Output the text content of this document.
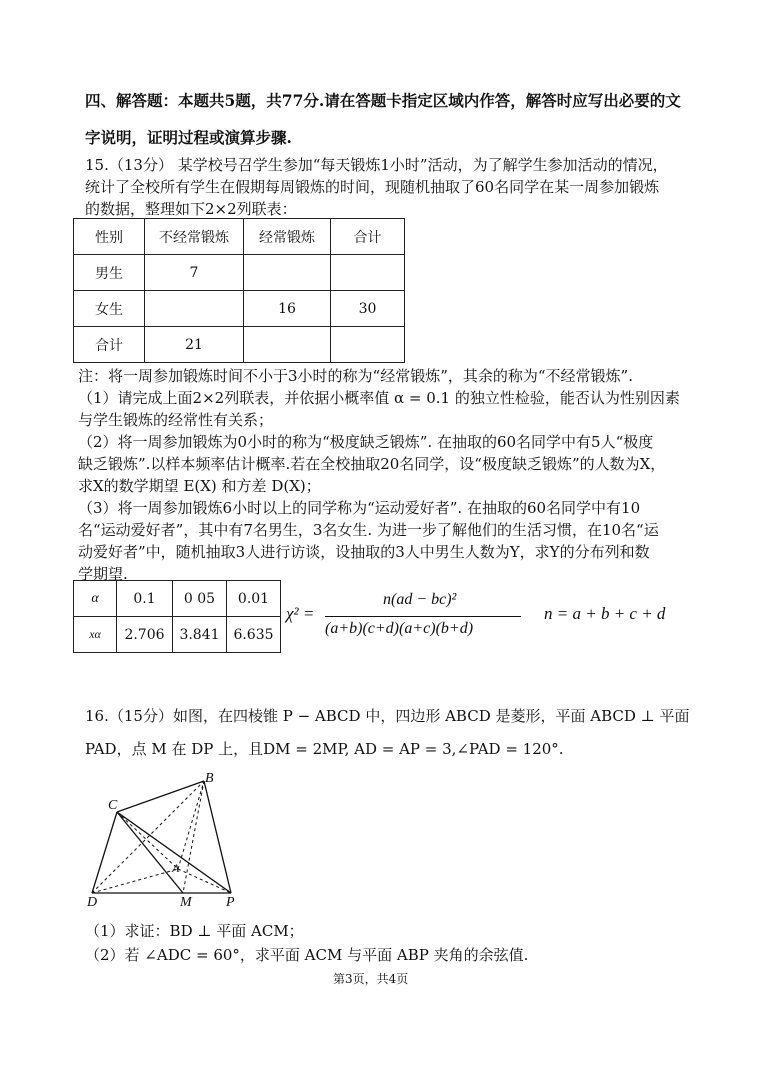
四、解答题：本题共5题，共77分.请在答题卡指定区域内作答，解答时应写出必要的文
字说明，证明过程或演算步骤.
15.（13分） 某学校号召学生参加“每天锻炼1小时”活动，为了解学生参加活动的情况，
统计了全校所有学生在假期每周锻炼的时间，现随机抽取了60名同学在某一周参加锻炼
的数据，整理如下2×2列联表：
性别	不经常锻炼	经常锻炼	合计
男生	7		
女生		16	30
合计	21		
注：将一周参加锻炼时间不小于3小时的称为“经常锻炼”，其余的称为“不经常锻炼”.
（1）请完成上面2×2列联表，并依据小概率值 α = 0.1 的独立性检验，能否认为性别因素
与学生锻炼的经常性有关系；
（2）将一周参加锻炼为0小时的称为“极度缺乏锻炼”. 在抽取的60名同学中有5人“极度
缺乏锻炼”.以样本频率估计概率.若在全校抽取20名同学，设“极度缺乏锻炼”的人数为X，
求X的数学期望 E(X) 和方差 D(X)；
（3）将一周参加锻炼6小时以上的同学称为“运动爱好者”. 在抽取的60名同学中有10
名“运动爱好者”，其中有7名男生，3名女生. 为进一步了解他们的生活习惯，在10名“运
动爱好者”中，随机抽取3人进行访谈，设抽取的3人中男生人数为Y，求Y的分布列和数
学期望.
α	0.1	0 05	0.01
xα	2.706	3.841	6.635
χ² =
n(ad − bc)²
(a+b)(c+d)(a+c)(b+d)
n = a + b + c + d
16.（15分）如图，在四棱锥 P − ABCD 中，四边形 ABCD 是菱形，平面 ABCD ⊥ 平面
PAD，点 M 在 DP 上，且DM = 2MP, AD = AP = 3,∠PAD = 120°.
B
C
A
D	M P
（1）求证：BD ⊥ 平面 ACM；
（2）若 ∠ADC = 60°，求平面 ACM 与平面 ABP 夹角的余弦值.
第3页，共4页
